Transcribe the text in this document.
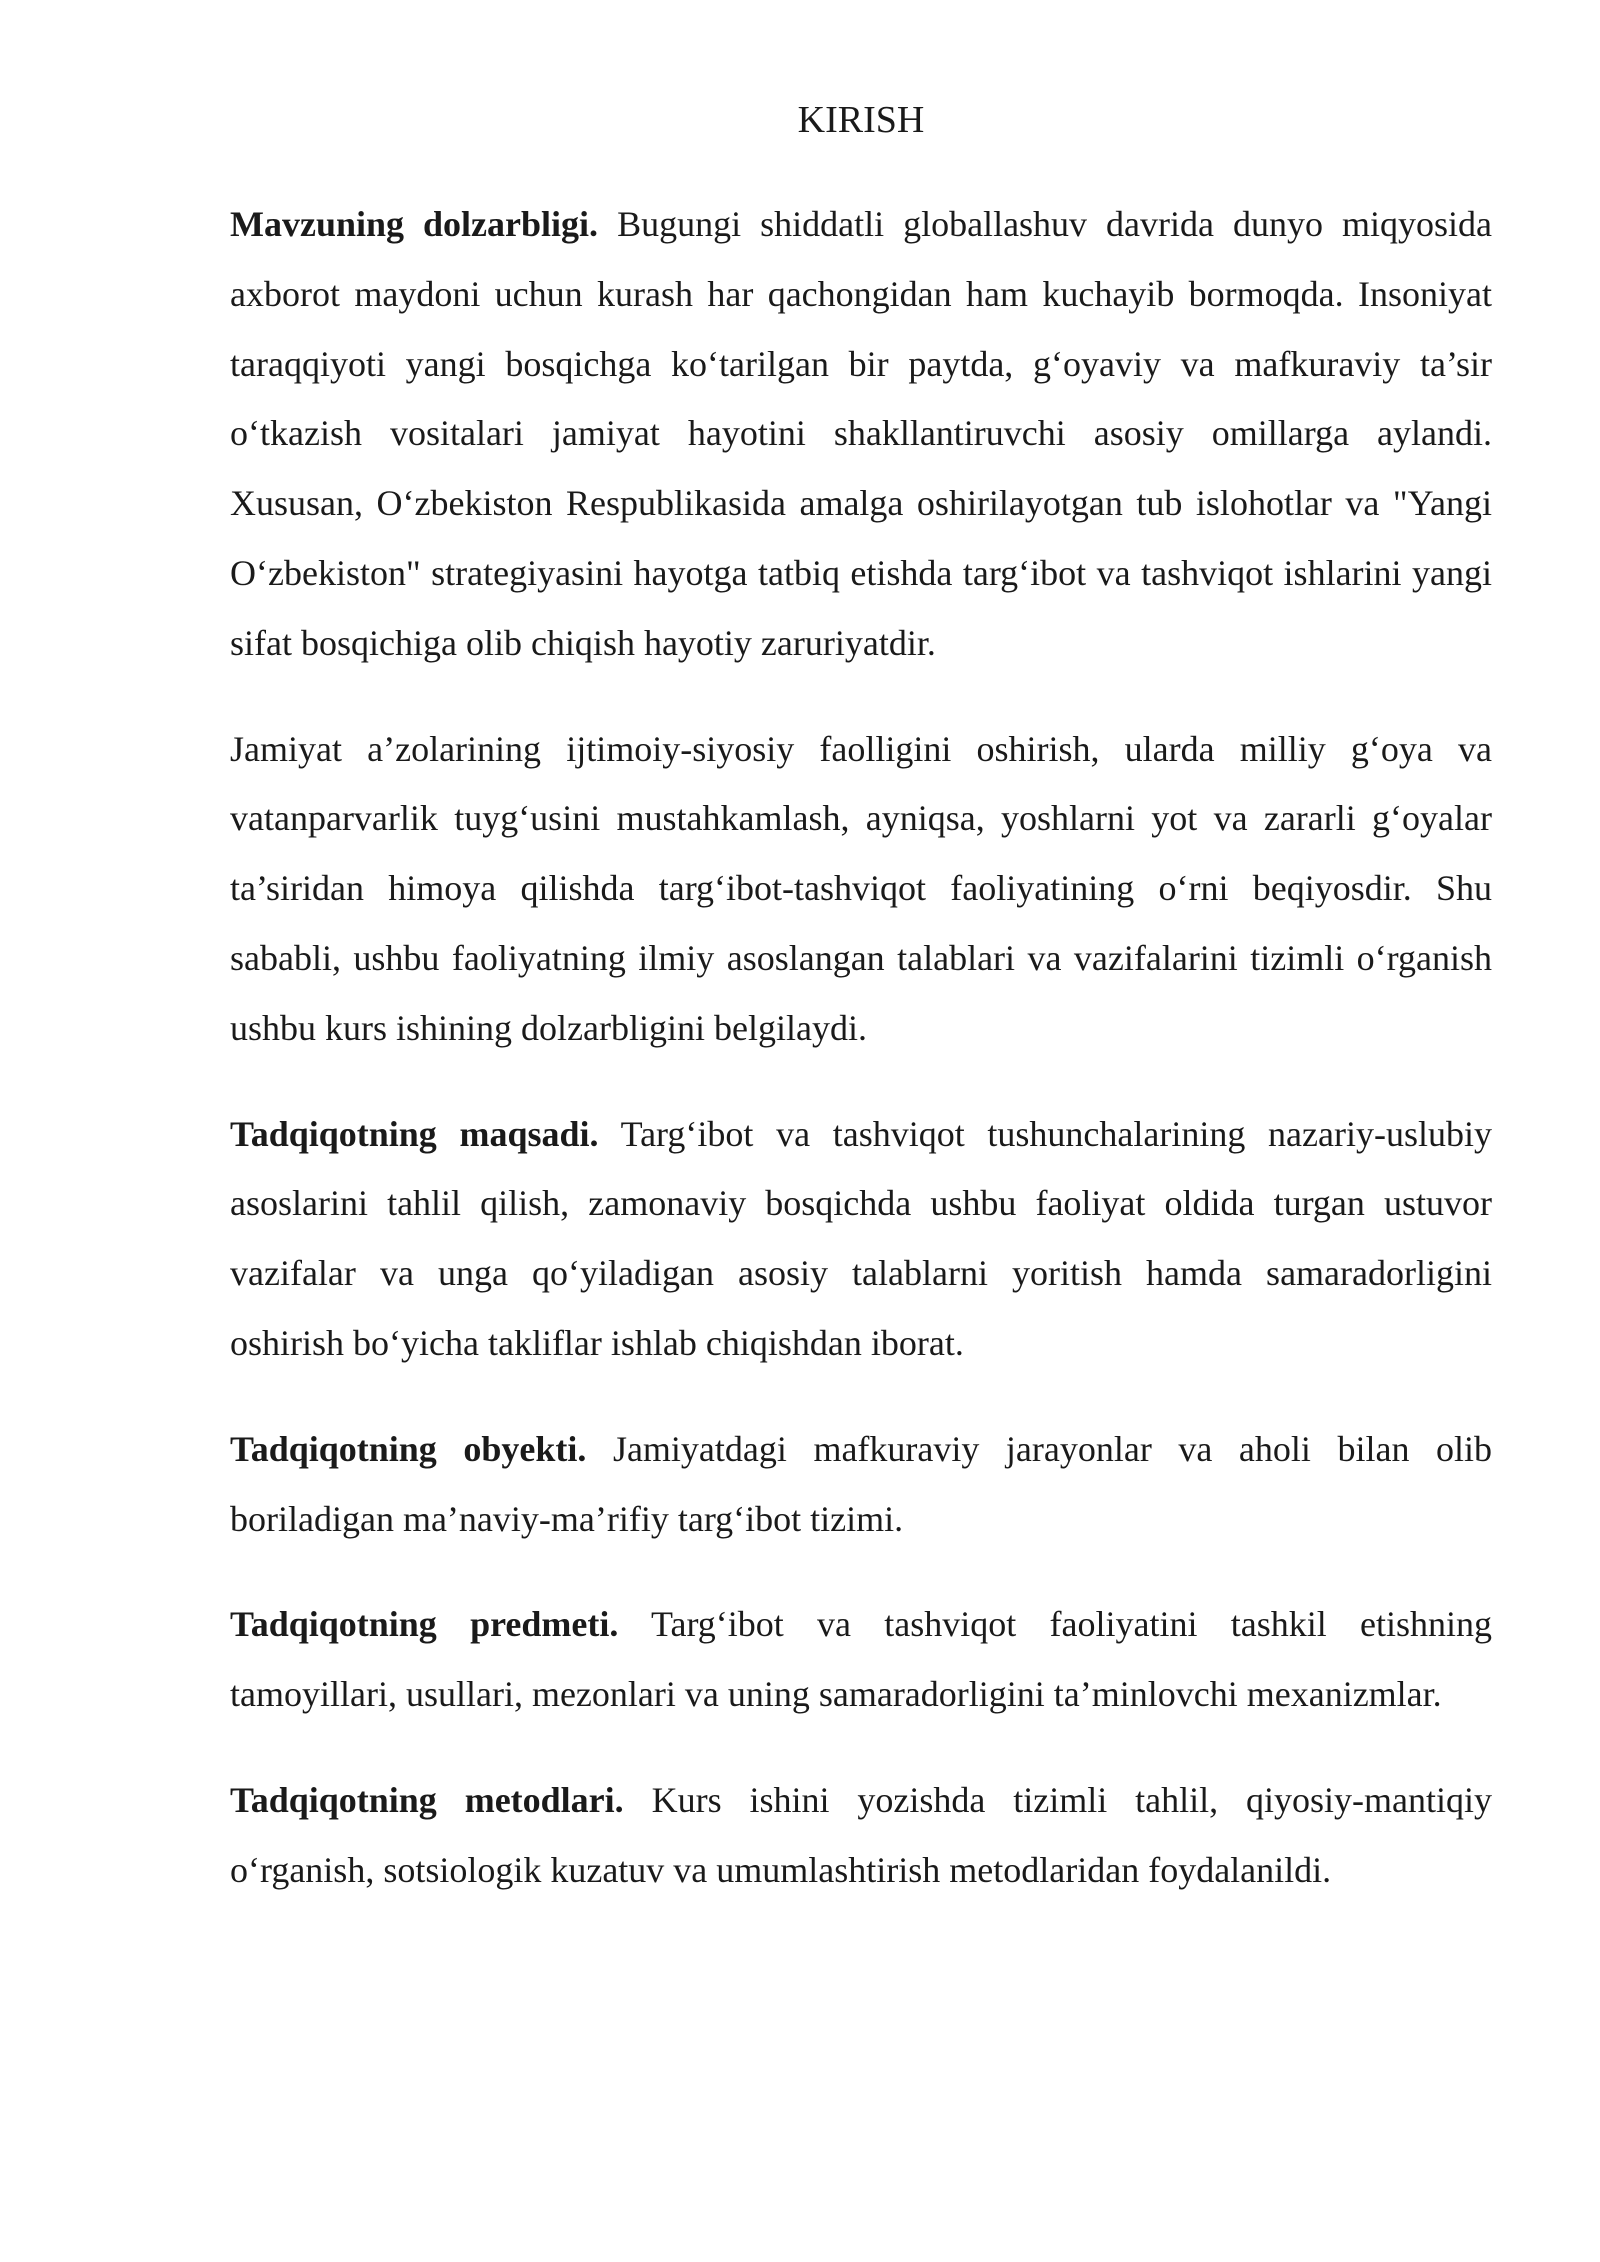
KIRISH

Mavzuning dolzarbligi. Bugungi shiddatli globallashuv davrida dunyo miqyosida axborot maydoni uchun kurash har qachongidan ham kuchayib bormoqda. Insoniyat taraqqiyoti yangi bosqichga ko‘tarilgan bir paytda, g‘oyaviy va mafkuraviy ta’sir o‘tkazish vositalari jamiyat hayotini shakllantiruvchi asosiy omillarga aylandi. Xususan, O‘zbekiston Respublikasida amalga oshirilayotgan tub islohotlar va "Yangi O‘zbekiston" strategiyasini hayotga tatbiq etishda targ‘ibot va tashviqot ishlarini yangi sifat bosqichiga olib chiqish hayotiy zaruriyatdir.

Jamiyat a’zolarining ijtimoiy-siyosiy faolligini oshirish, ularda milliy g‘oya va vatanparvarlik tuyg‘usini mustahkamlash, ayniqsa, yoshlarni yot va zararli g‘oyalar ta’siridan himoya qilishda targ‘ibot-tashviqot faoliyatining o‘rni beqiyosdir. Shu sababli, ushbu faoliyatning ilmiy asoslangan talablari va vazifalarini tizimli o‘rganish ushbu kurs ishining dolzarbligini belgilaydi.

Tadqiqotning maqsadi. Targ‘ibot va tashviqot tushunchalarining nazariy-uslubiy asoslarini tahlil qilish, zamonaviy bosqichda ushbu faoliyat oldida turgan ustuvor vazifalar va unga qo‘yiladigan asosiy talablarni yoritish hamda samaradorligini oshirish bo‘yicha takliflar ishlab chiqishdan iborat.

Tadqiqotning obyekti. Jamiyatdagi mafkuraviy jarayonlar va aholi bilan olib boriladigan ma’naviy-ma’rifiy targ‘ibot tizimi.

Tadqiqotning predmeti. Targ‘ibot va tashviqot faoliyatini tashkil etishning tamoyillari, usullari, mezonlari va uning samaradorligini ta’minlovchi mexanizmlar.

Tadqiqotning metodlari. Kurs ishini yozishda tizimli tahlil, qiyosiy-mantiqiy o‘rganish, sotsiologik kuzatuv va umumlashtirish metodlaridan foydalanildi.
